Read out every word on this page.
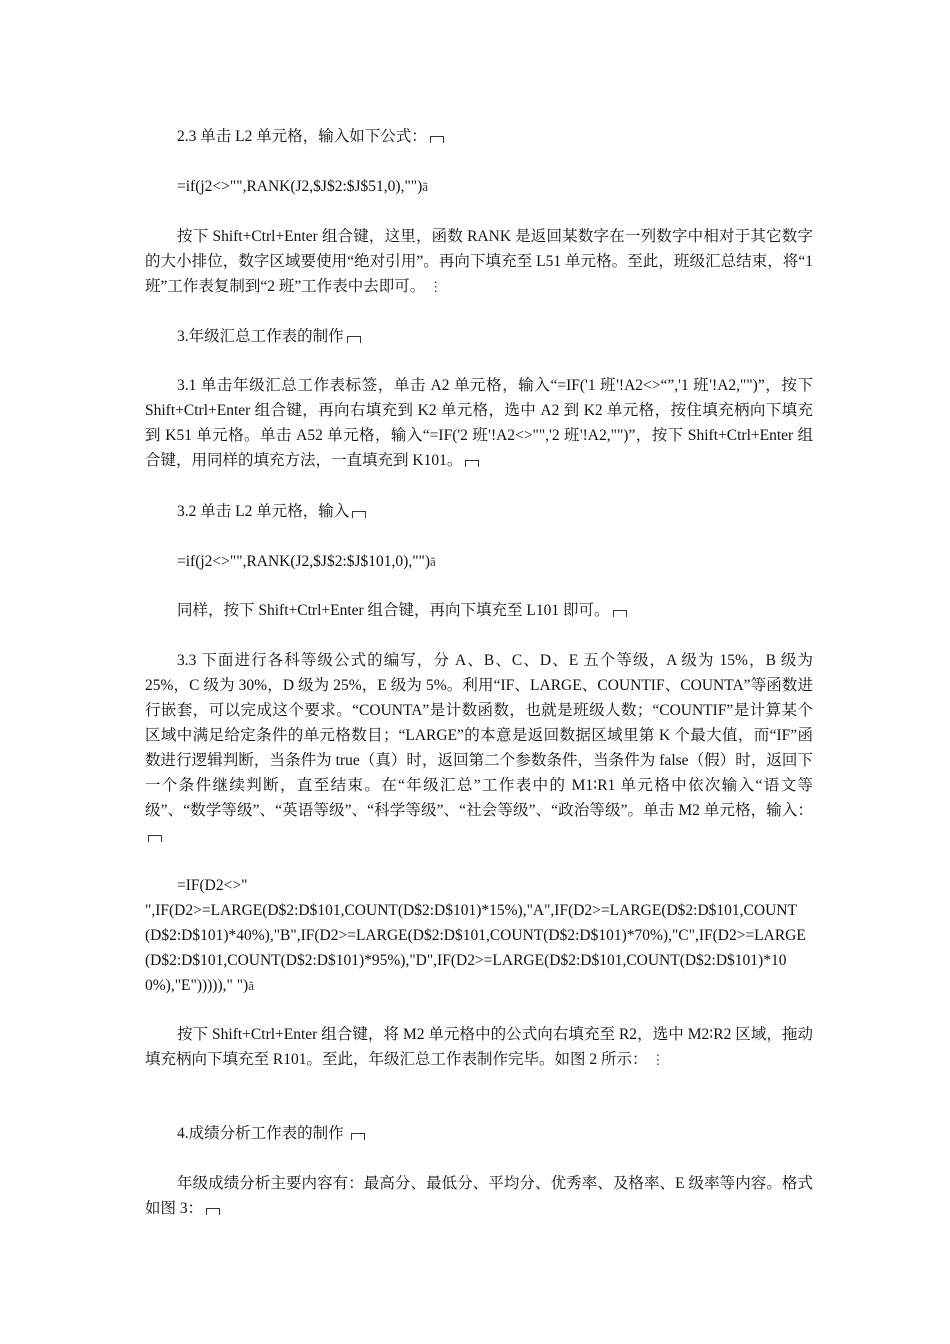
2.3 单击 L2 单元格，输入如下公式：

=if(j2<>"",RANK(J2,$J$2:$J$51,0),"")ã

按下 Shift+Ctrl+Enter 组合键，这里，函数 RANK 是返回某数字在一列数字中相对于其它数字的大小排位，数字区域要使用“绝对引用”。再向下填充至 L51 单元格。至此，班级汇总结束，将“1 班”工作表复制到“2 班”工作表中去即可。 ⋮

3.年级汇总工作表的制作

3.1 单击年级汇总工作表标签，单击 A2 单元格，输入“=IF('1 班'!A2<>“”,'1 班'!A2,"")”，按下 Shift+Ctrl+Enter 组合键，再向右填充到 K2 单元格，选中 A2 到 K2 单元格，按住填充柄向下填充到 K51 单元格。单击 A52 单元格，输入“=IF('2 班'!A2<>"",'2 班'!A2,"")”，按下 Shift+Ctrl+Enter 组合键，用同样的填充方法，一直填充到 K101。

3.2 单击 L2 单元格，输入

=if(j2<>"",RANK(J2,$J$2:$J$101,0),"")ã

同样，按下 Shift+Ctrl+Enter 组合键，再向下填充至 L101 即可。

3.3 下面进行各科等级公式的编写，分 A、B、C、D、E 五个等级，A 级为 15%，B 级为 25%，C 级为 30%，D 级为 25%，E 级为 5%。利用“IF、LARGE、COUNTIF、COUNTA”等函数进行嵌套，可以完成这个要求。“COUNTA”是计数函数，也就是班级人数；“COUNTIF”是计算某个区域中满足给定条件的单元格数目；“LARGE”的本意是返回数据区域里第 K 个最大值，而“IF”函数进行逻辑判断，当条件为 true（真）时，返回第二个参数条件，当条件为 false（假）时，返回下一个条件继续判断，直至结束。在“年级汇总”工作表中的 M1∶R1 单元格中依次输入“语文等级”、“数学等级”、“英语等级”、“科学等级”、“社会等级”、“政治等级”。单击 M2 单元格，输入：

=IF(D2<>"
",IF(D2>=LARGE(D$2:D$101,COUNT(D$2:D$101)*15%),"A",IF(D2>=LARGE(D$2:D$101,COUNT(D$2:D$101)*40%),"B",IF(D2>=LARGE(D$2:D$101,COUNT(D$2:D$101)*70%),"C",IF(D2>=LARGE(D$2:D$101,COUNT(D$2:D$101)*95%),"D",IF(D2>=LARGE(D$2:D$101,COUNT(D$2:D$101)*100%),"E")))))," ")ã

按下 Shift+Ctrl+Enter 组合键，将 M2 单元格中的公式向右填充至 R2，选中 M2∶R2 区域，拖动填充柄向下填充至 R101。至此，年级汇总工作表制作完毕。如图 2 所示： ⋮

4.成绩分析工作表的制作

年级成绩分析主要内容有：最高分、最低分、平均分、优秀率、及格率、E 级率等内容。格式如图 3：
